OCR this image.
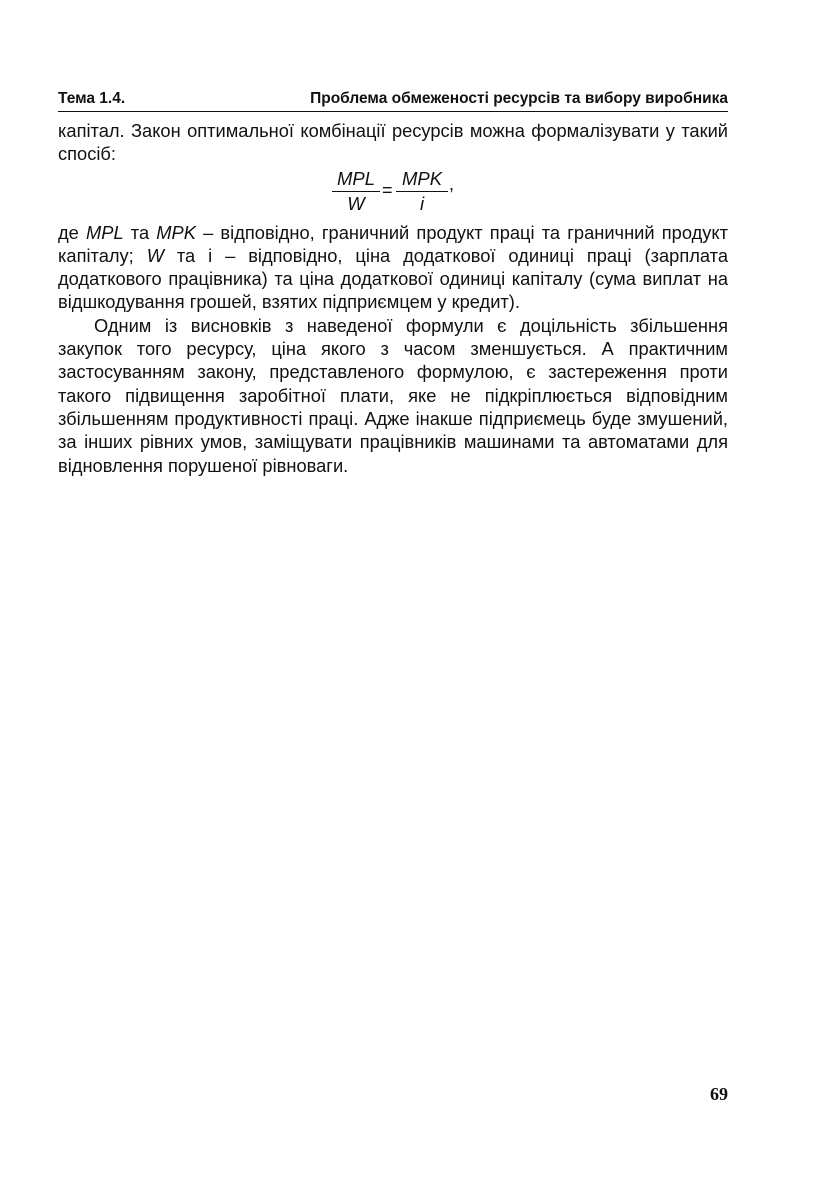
Тема 1.4.	Проблема обмеженості ресурсів та вибору виробника

капітал. Закон оптимальної комбінації ресурсів можна формалізувати у такий спосіб:

MPL
W
=
MPK
i
,

де MPL та MPK – відповідно, граничний продукт праці та граничний продукт капіталу; W та і – відповідно, ціна додаткової одиниці праці (зарплата додаткового працівника) та ціна додаткової одиниці капіталу (сума виплат на відшкодування грошей, взятих підприємцем у кредит).

Одним із висновків з наведеної формули є доцільність збільшення закупок того ресурсу, ціна якого з часом зменшується. А практичним застосуванням закону, представленого формулою, є застереження проти такого підвищення заробітної плати, яке не підкріплюється відповідним збільшенням продуктивності праці. Адже інакше підприємець буде змушений, за інших рівних умов, заміщувати працівників машинами та автоматами для відновлення порушеної рівноваги.

69
